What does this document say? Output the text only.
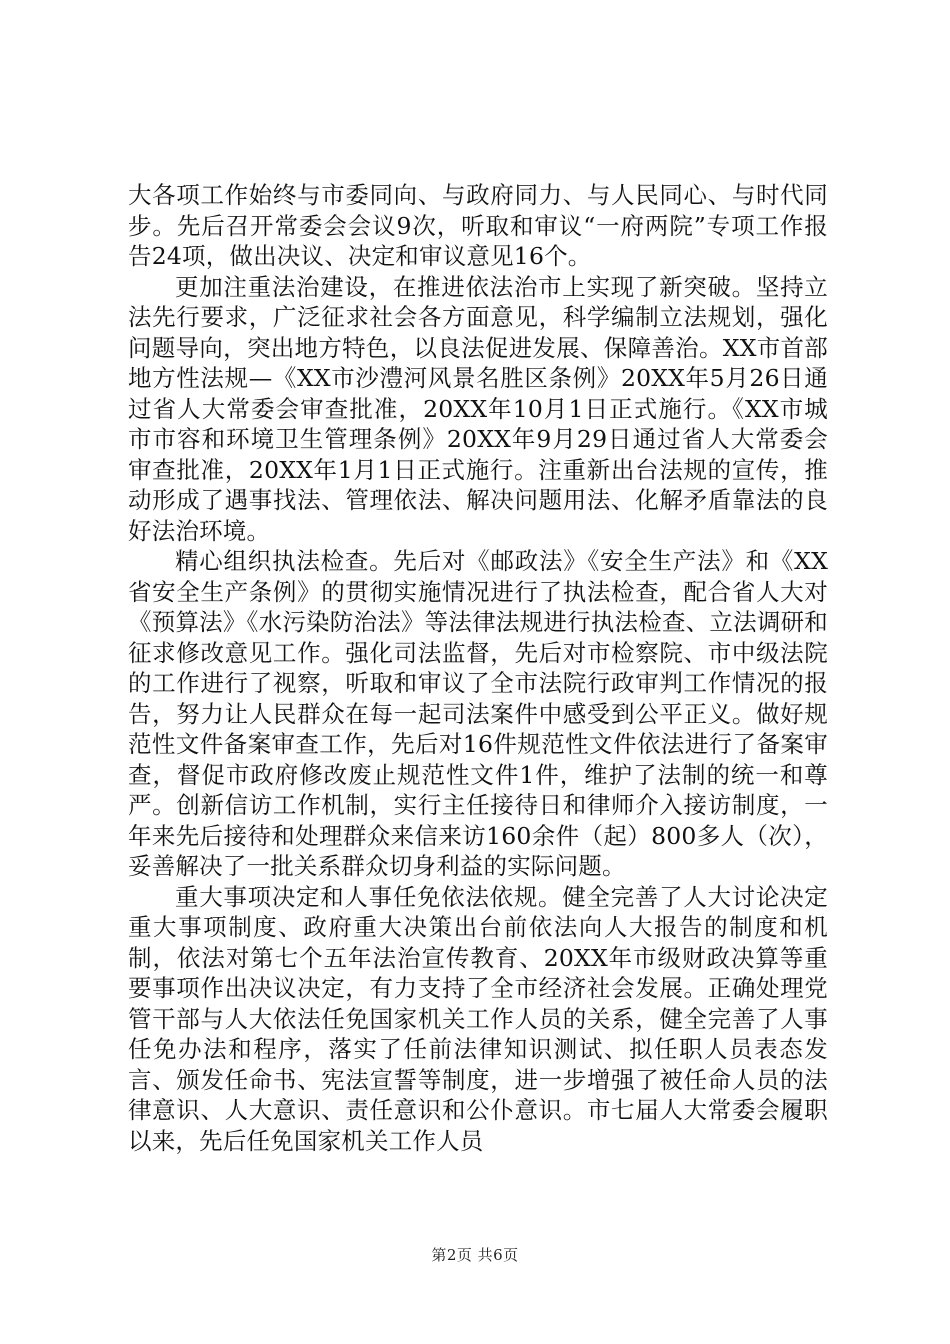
大各项工作始终与市委同向、与政府同力、与人民同心、与时代同步。先后召开常委会会议9次，听取和审议“一府两院”专项工作报告24项，做出决议、决定和审议意见16个。

更加注重法治建设，在推进依法治市上实现了新突破。坚持立法先行要求，广泛征求社会各方面意见，科学编制立法规划，强化问题导向，突出地方特色，以良法促进发展、保障善治。XX市首部地方性法规—《XX市沙澧河风景名胜区条例》20XX年5月26日通过省人大常委会审查批准，20XX年10月1日正式施行。《XX市城市市容和环境卫生管理条例》20XX年9月29日通过省人大常委会审查批准，20XX年1月1日正式施行。注重新出台法规的宣传，推动形成了遇事找法、管理依法、解决问题用法、化解矛盾靠法的良好法治环境。

精心组织执法检查。先后对《邮政法》《安全生产法》和《XX省安全生产条例》的贯彻实施情况进行了执法检查，配合省人大对《预算法》《水污染防治法》等法律法规进行执法检查、立法调研和征求修改意见工作。强化司法监督，先后对市检察院、市中级法院的工作进行了视察，听取和审议了全市法院行政审判工作情况的报告，努力让人民群众在每一起司法案件中感受到公平正义。做好规范性文件备案审查工作，先后对16件规范性文件依法进行了备案审查，督促市政府修改废止规范性文件1件，维护了法制的统一和尊严。创新信访工作机制，实行主任接待日和律师介入接访制度，一年来先后接待和处理群众来信来访160余件（起）800多人（次），妥善解决了一批关系群众切身利益的实际问题。

重大事项决定和人事任免依法依规。健全完善了人大讨论决定重大事项制度、政府重大决策出台前依法向人大报告的制度和机制，依法对第七个五年法治宣传教育、20XX年市级财政决算等重要事项作出决议决定，有力支持了全市经济社会发展。正确处理党管干部与人大依法任免国家机关工作人员的关系，健全完善了人事任免办法和程序，落实了任前法律知识测试、拟任职人员表态发言、颁发任命书、宪法宣誓等制度，进一步增强了被任命人员的法律意识、人大意识、责任意识和公仆意识。市七届人大常委会履职以来，先后任免国家机关工作人员

第2页 共6页
